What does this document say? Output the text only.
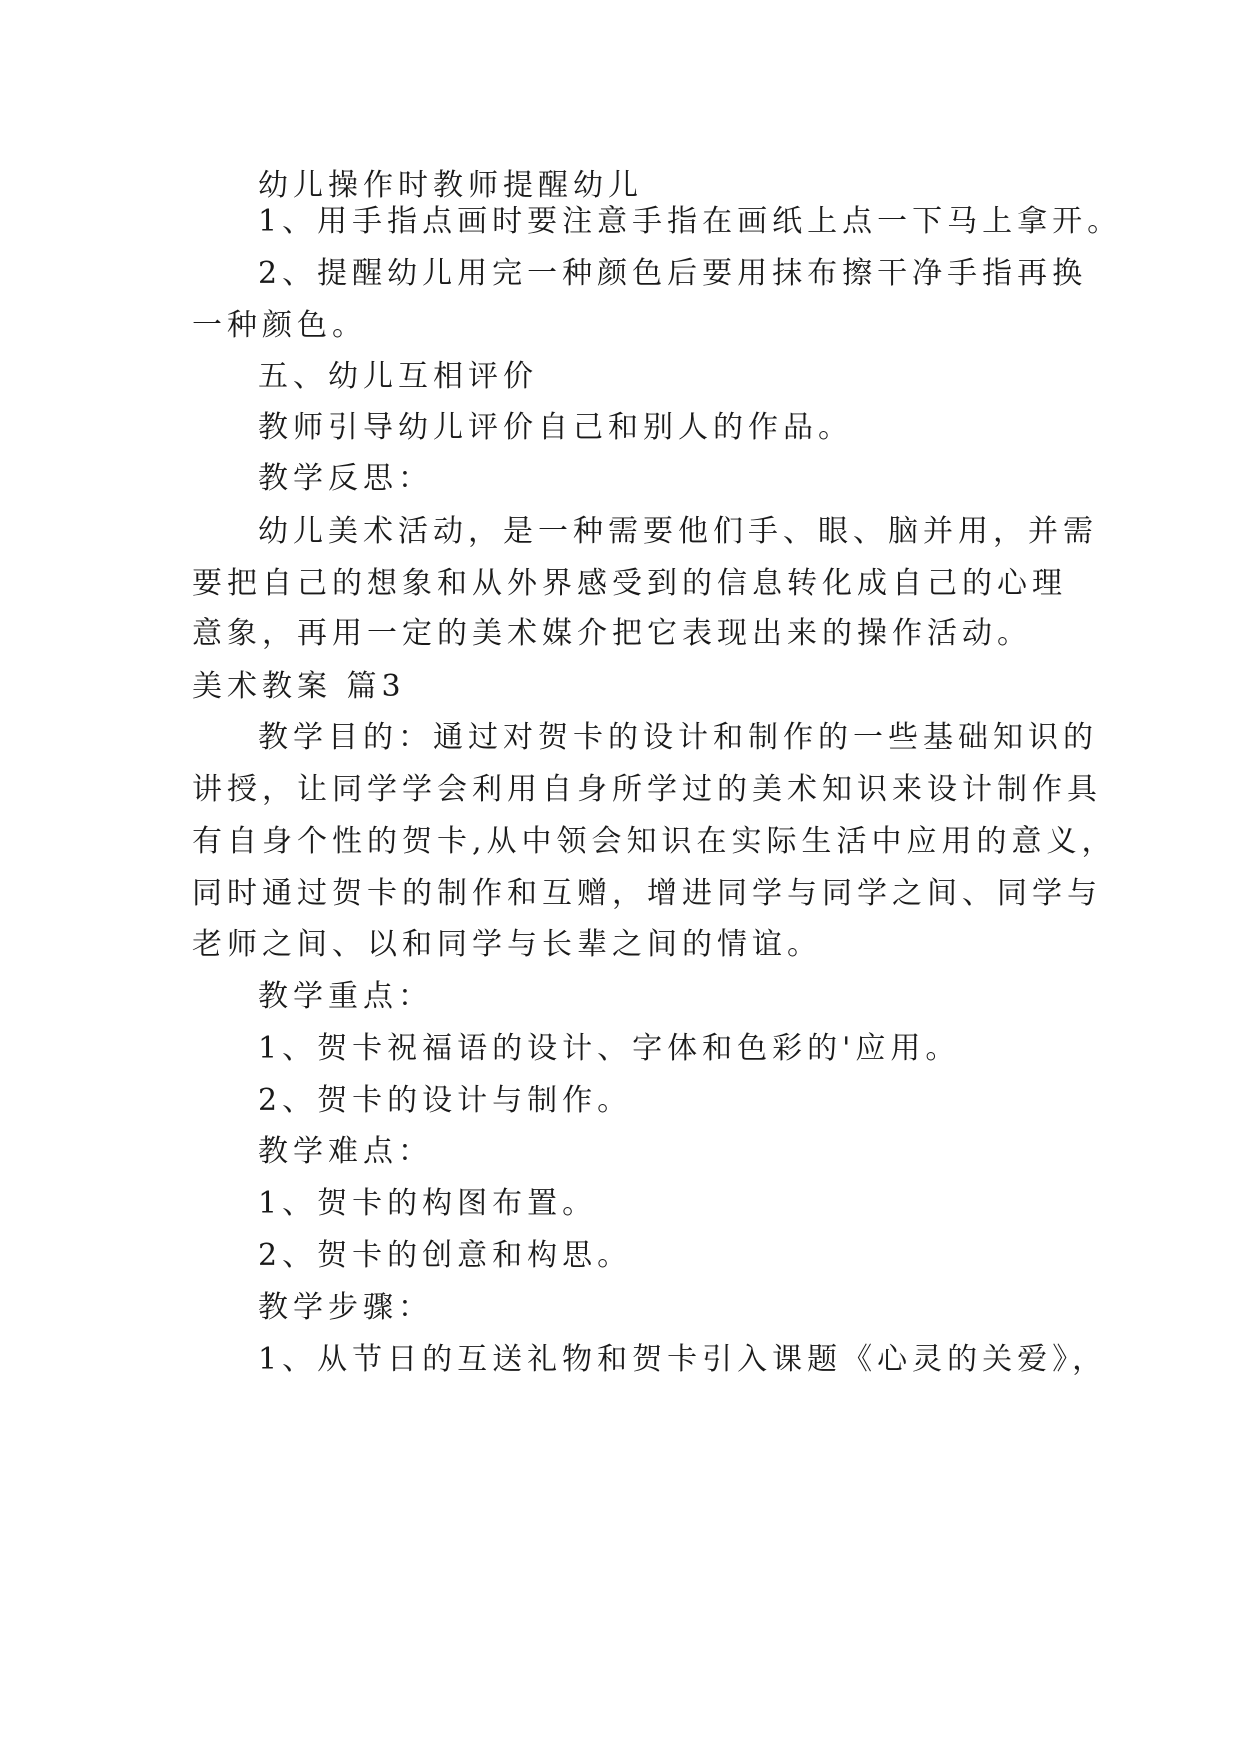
幼儿操作时教师提醒幼儿
1、用手指点画时要注意手指在画纸上点一下马上拿开。
2、提醒幼儿用完一种颜色后要用抹布擦干净手指再换
一种颜色。
五、幼儿互相评价
教师引导幼儿评价自己和别人的作品。
教学反思：
幼儿美术活动，是一种需要他们手、眼、脑并用，并需
要把自己的想象和从外界感受到的信息转化成自己的心理
意象，再用一定的美术媒介把它表现出来的操作活动。
美术教案 篇3
教学目的：通过对贺卡的设计和制作的一些基础知识的
讲授，让同学学会利用自身所学过的美术知识来设计制作具
有自身个性的贺卡,从中领会知识在实际生活中应用的意义，
同时通过贺卡的制作和互赠，增进同学与同学之间、同学与
老师之间、以和同学与长辈之间的情谊。
教学重点：
1、贺卡祝福语的设计、字体和色彩的'应用。
2、贺卡的设计与制作。
教学难点：
1、贺卡的构图布置。
2、贺卡的创意和构思。
教学步骤：
1、从节日的互送礼物和贺卡引入课题《心灵的关爱》，
